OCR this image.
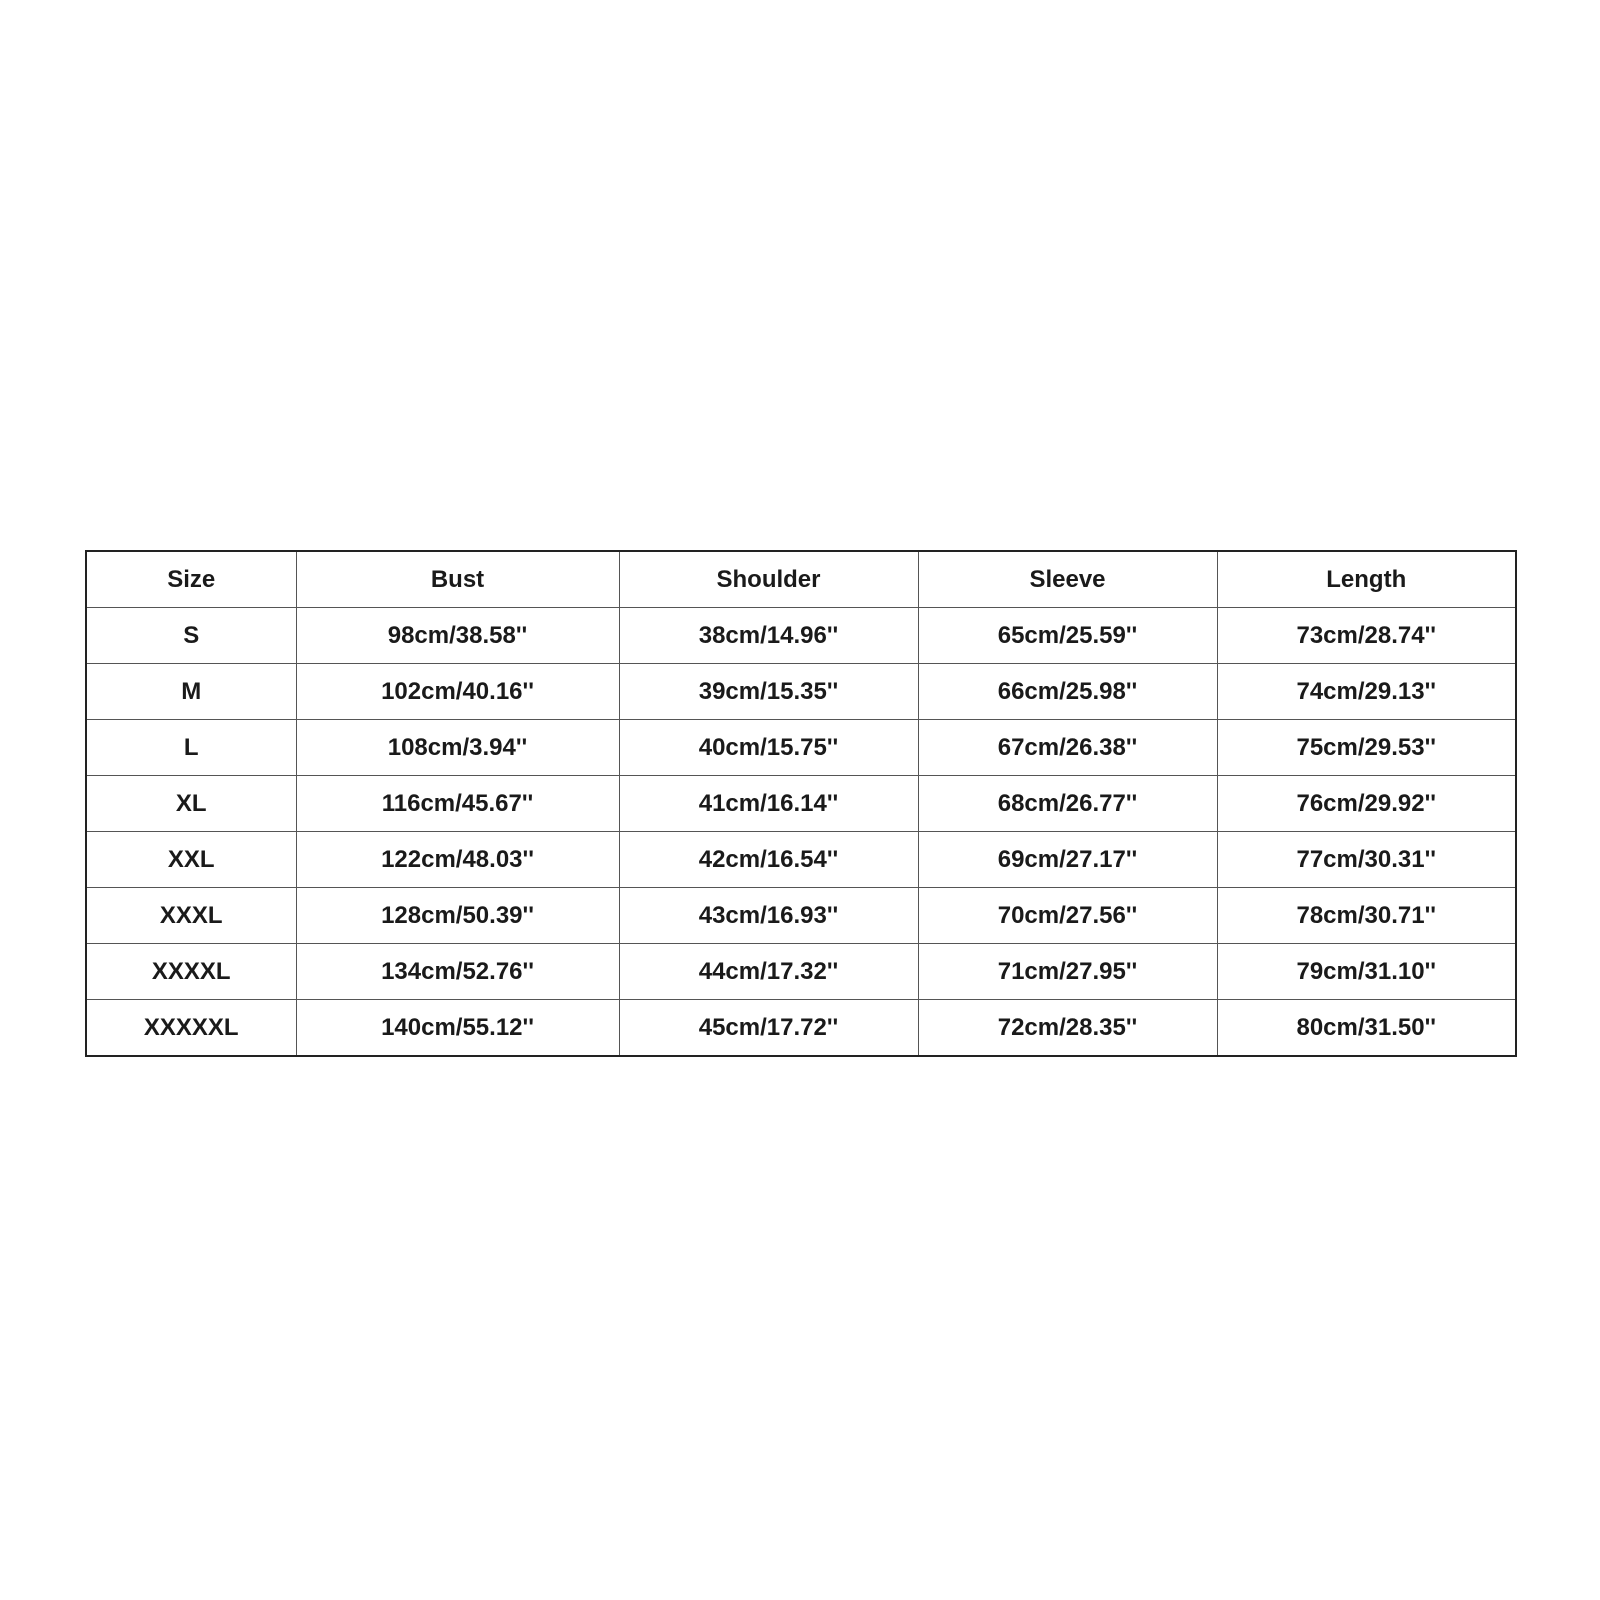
Size	Bust	Shoulder	Sleeve	Length
S	98cm/38.58''	38cm/14.96''	65cm/25.59''	73cm/28.74''
M	102cm/40.16''	39cm/15.35''	66cm/25.98''	74cm/29.13''
L	108cm/3.94''	40cm/15.75''	67cm/26.38''	75cm/29.53''
XL	116cm/45.67''	41cm/16.14''	68cm/26.77''	76cm/29.92''
XXL	122cm/48.03''	42cm/16.54''	69cm/27.17''	77cm/30.31''
XXXL	128cm/50.39''	43cm/16.93''	70cm/27.56''	78cm/30.71''
XXXXL	134cm/52.76''	44cm/17.32''	71cm/27.95''	79cm/31.10''
XXXXXL	140cm/55.12''	45cm/17.72''	72cm/28.35''	80cm/31.50''
